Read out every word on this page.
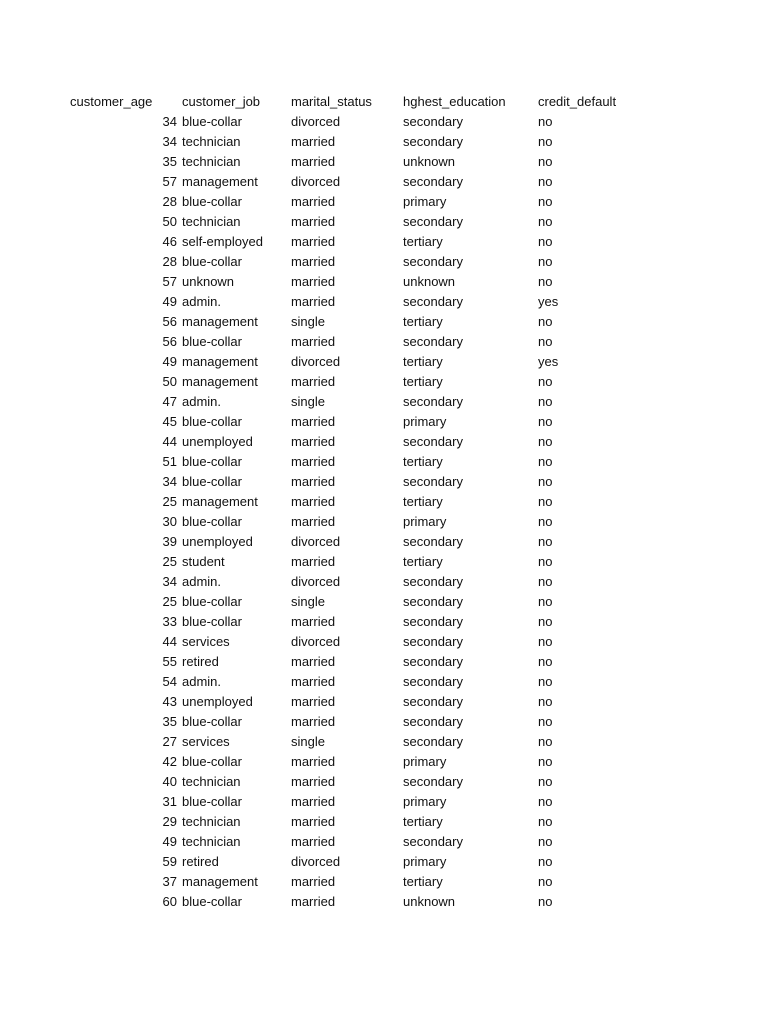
customer_age	customer_job marital_status hghest_education credit_default
34 blue-collar	divorced	secondary	no
34 technician	married	secondary	no
35 technician	married	unknown	no
57 management	divorced	secondary	no
28 blue-collar	married	primary	no
50 technician	married	secondary	no
46 self-employed married	tertiary	no
28 blue-collar	married	secondary	no
57 unknown	married	unknown	no
49 admin.	married	secondary	yes
56 management	single	tertiary	no
56 blue-collar	married	secondary	no
49 management	divorced	tertiary	yes
50 management	married	tertiary	no
47 admin.	single	secondary	no
45 blue-collar	married	primary	no
44 unemployed	married	secondary	no
51 blue-collar	married	tertiary	no
34 blue-collar	married	secondary	no
25 management	married	tertiary	no
30 blue-collar	married	primary	no
39 unemployed	divorced	secondary	no
25 student	married	tertiary	no
34 admin.	divorced	secondary	no
25 blue-collar	single	secondary	no
33 blue-collar	married	secondary	no
44 services	divorced	secondary	no
55 retired	married	secondary	no
54 admin.	married	secondary	no
43 unemployed	married	secondary	no
35 blue-collar	married	secondary	no
27 services	single	secondary	no
42 blue-collar	married	primary	no
40 technician	married	secondary	no
31 blue-collar	married	primary	no
29 technician	married	tertiary	no
49 technician	married	secondary	no
59 retired	divorced	primary	no
37 management	married	tertiary	no
60 blue-collar	married	unknown	no
